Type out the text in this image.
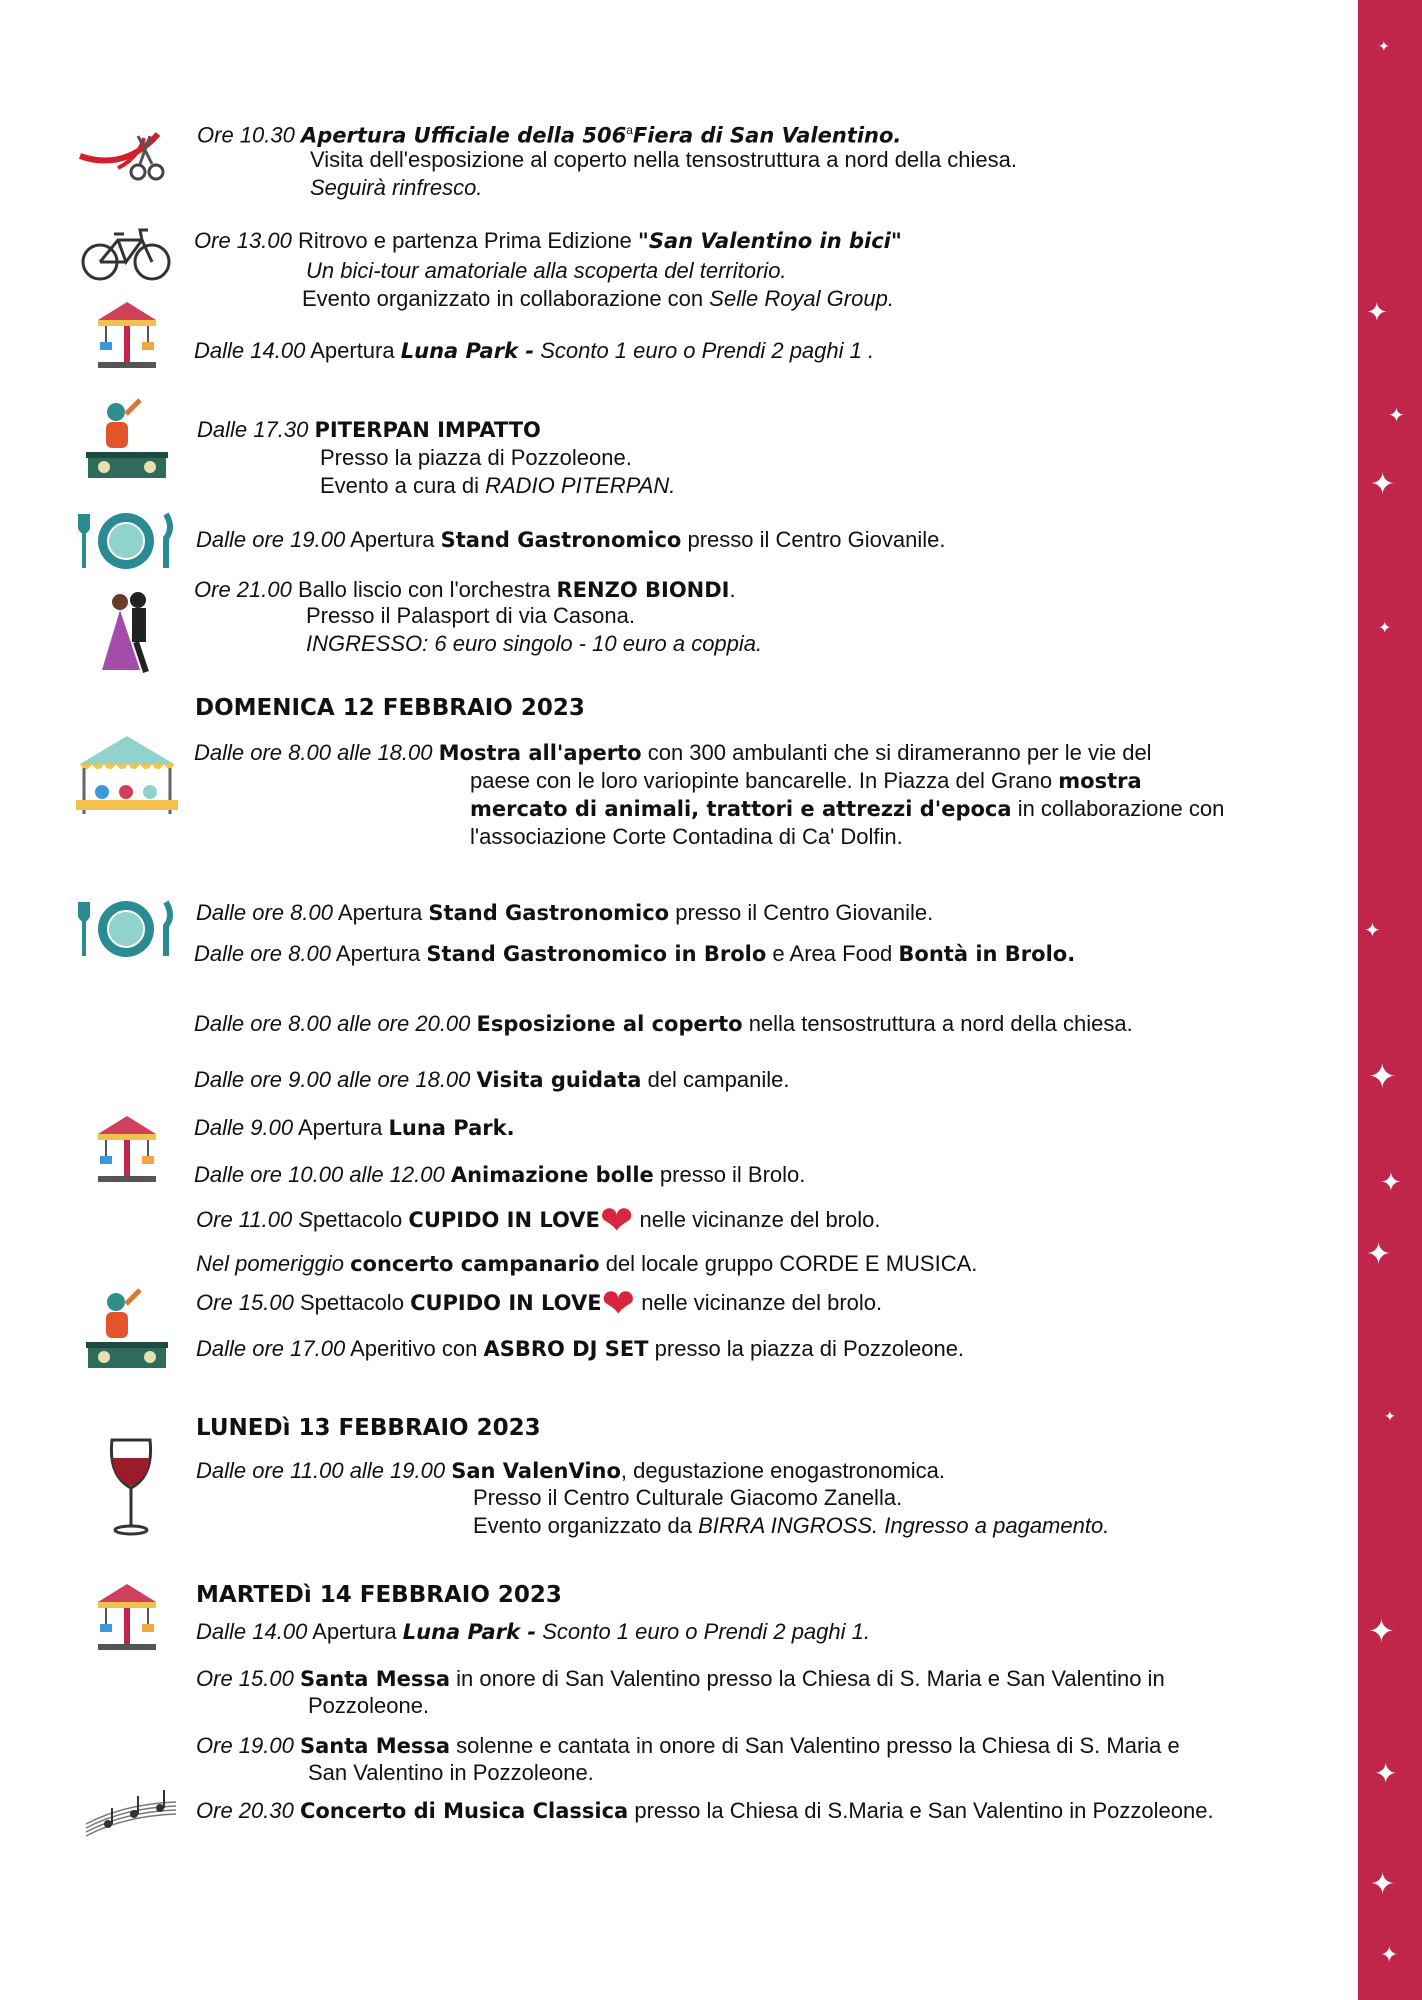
✦
✦
✦
✦
✦
✦
✦
✦
✦
✦
✦
✦
✦
✦
Ore 10.30 Apertura Ufficiale della 506$^a$Fiera di San Valentino.
Visita dell'esposizione al coperto nella tensostruttura a nord della chiesa.
Seguirà rinfresco.
Ore 13.00 Ritrovo e partenza Prima Edizione "San Valentino in bici"
Un bici-tour amatoriale alla scoperta del territorio.
Evento organizzato in collaborazione con Selle Royal Group.
Dalle 14.00 Apertura Luna Park - Sconto 1 euro o Prendi 2 paghi 1 .
Dalle 17.30 PITERPAN IMPATTO
Presso la piazza di Pozzoleone.
Evento a cura di RADIO PITERPAN.
Dalle ore 19.00 Apertura Stand Gastronomico presso il Centro Giovanile.
Ore 21.00 Ballo liscio con l'orchestra RENZO BIONDI.
Presso il Palasport di via Casona.
INGRESSO: 6 euro singolo - 10 euro a coppia.
DOMENICA 12 FEBBRAIO 2023
Dalle ore 8.00 alle 18.00 Mostra all'aperto con 300 ambulanti che si dirameranno per le vie del
paese con le loro variopinte bancarelle. In Piazza del Grano mostra
mercato di animali, trattori e attrezzi d'epoca in collaborazione con
l'associazione Corte Contadina di Ca' Dolfin.
Dalle ore 8.00 Apertura Stand Gastronomico presso il Centro Giovanile.
Dalle ore 8.00 Apertura Stand Gastronomico in Brolo e Area Food Bontà in Brolo.
Dalle ore 8.00 alle ore 20.00 Esposizione al coperto nella tensostruttura a nord della chiesa.
Dalle ore 9.00 alle ore 18.00 Visita guidata del campanile.
Dalle 9.00 Apertura Luna Park.
Dalle ore 10.00 alle 12.00 Animazione bolle presso il Brolo.
Ore 11.00 Spettacolo CUPIDO IN LOVE❤ nelle vicinanze del brolo.
Nel pomeriggio concerto campanario del locale gruppo CORDE E MUSICA.
Ore 15.00 Spettacolo CUPIDO IN LOVE❤ nelle vicinanze del brolo.
Dalle ore 17.00 Aperitivo con ASBRO DJ SET presso la piazza di Pozzoleone.
LUNEDì 13 FEBBRAIO 2023
Dalle ore 11.00 alle 19.00 San ValenVino, degustazione enogastronomica.
Presso il Centro Culturale Giacomo Zanella.
Evento organizzato da BIRRA INGROSS. Ingresso a pagamento.
MARTEDì 14 FEBBRAIO 2023
Dalle 14.00 Apertura Luna Park - Sconto 1 euro o Prendi 2 paghi 1.
Ore 15.00 Santa Messa in onore di San Valentino presso la Chiesa di S. Maria e San Valentino in
Pozzoleone.
Ore 19.00 Santa Messa solenne e cantata in onore di San Valentino presso la Chiesa di S. Maria e
San Valentino in Pozzoleone.
Ore 20.30 Concerto di Musica Classica presso la Chiesa di S.Maria e San Valentino in Pozzoleone.
